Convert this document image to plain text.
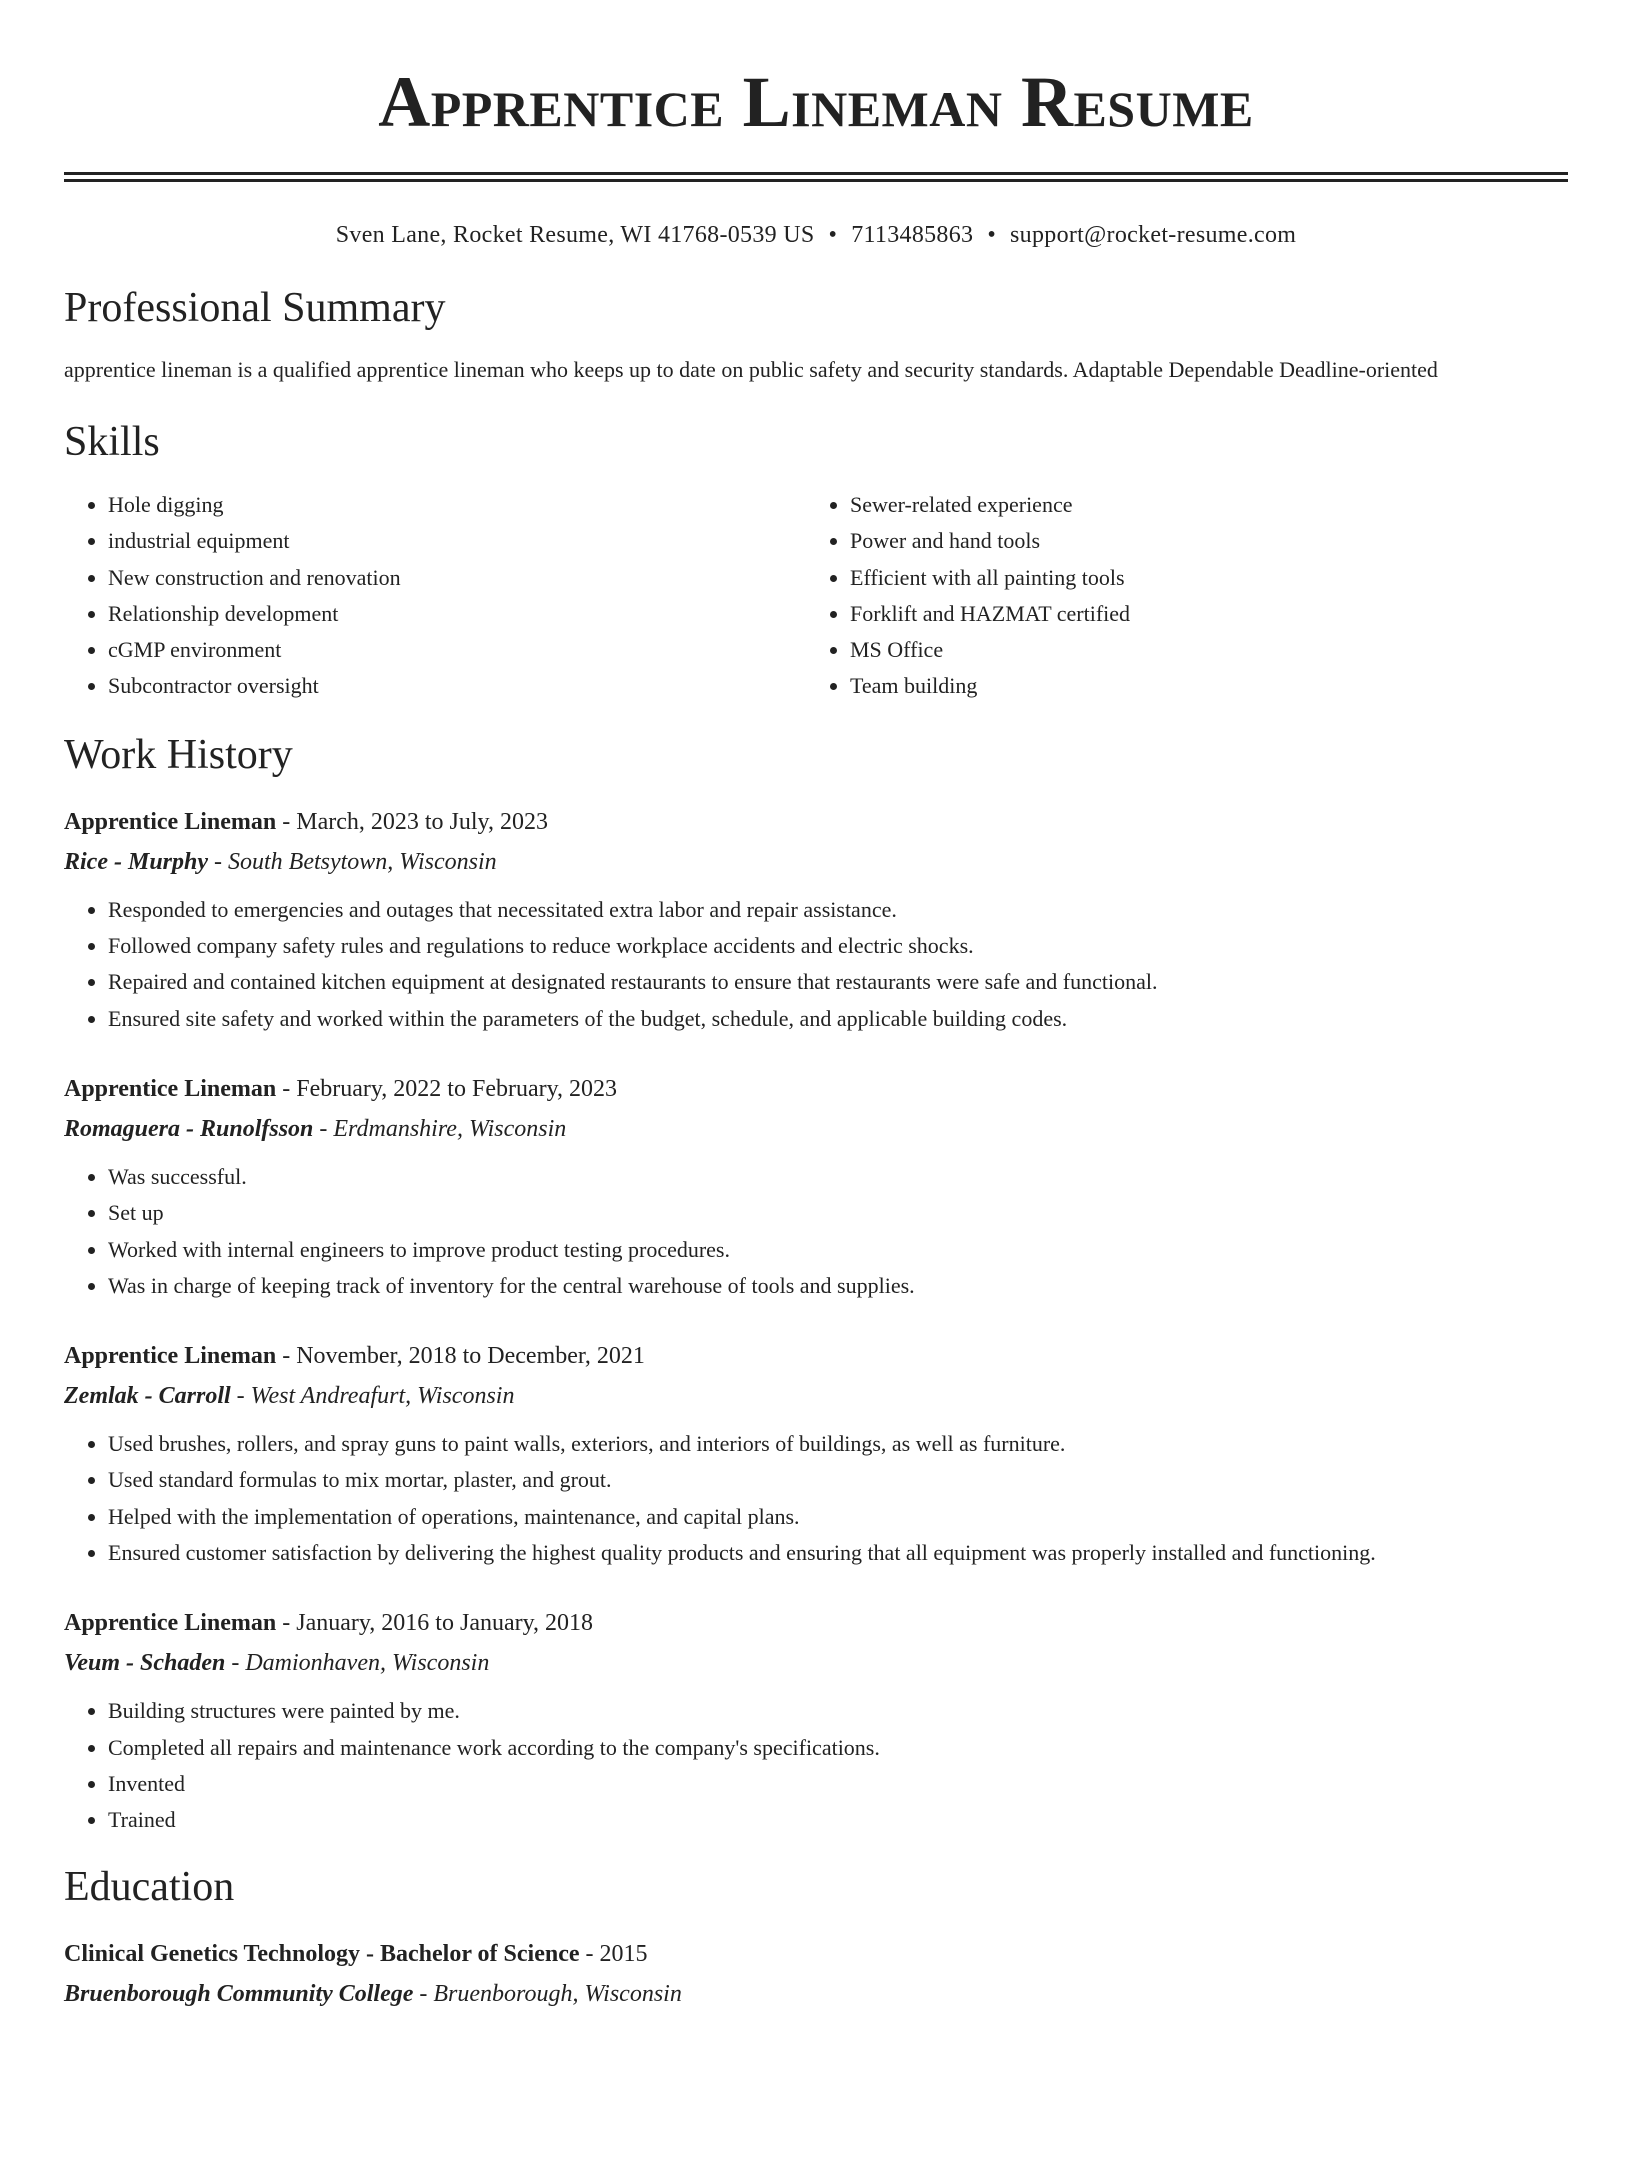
Apprentice Lineman Resume
Sven Lane, Rocket Resume, WI 41768-0539 US • 7113485863 • support@rocket-resume.com
Professional Summary
apprentice lineman is a qualified apprentice lineman who keeps up to date on public safety and security standards. Adaptable Dependable Deadline-oriented
Skills
• Hole digging
• industrial equipment
• New construction and renovation
• Relationship development
• cGMP environment
• Subcontractor oversight
• Sewer-related experience
• Power and hand tools
• Efficient with all painting tools
• Forklift and HAZMAT certified
• MS Office
• Team building
Work History
Apprentice Lineman - March, 2023 to July, 2023
Rice - Murphy - South Betsytown, Wisconsin
• Responded to emergencies and outages that necessitated extra labor and repair assistance.
• Followed company safety rules and regulations to reduce workplace accidents and electric shocks.
• Repaired and contained kitchen equipment at designated restaurants to ensure that restaurants were safe and functional.
• Ensured site safety and worked within the parameters of the budget, schedule, and applicable building codes.
Apprentice Lineman - February, 2022 to February, 2023
Romaguera - Runolfsson - Erdmanshire, Wisconsin
• Was successful.
• Set up
• Worked with internal engineers to improve product testing procedures.
• Was in charge of keeping track of inventory for the central warehouse of tools and supplies.
Apprentice Lineman - November, 2018 to December, 2021
Zemlak - Carroll - West Andreafurt, Wisconsin
• Used brushes, rollers, and spray guns to paint walls, exteriors, and interiors of buildings, as well as furniture.
• Used standard formulas to mix mortar, plaster, and grout.
• Helped with the implementation of operations, maintenance, and capital plans.
• Ensured customer satisfaction by delivering the highest quality products and ensuring that all equipment was properly installed and functioning.
Apprentice Lineman - January, 2016 to January, 2018
Veum - Schaden - Damionhaven, Wisconsin
• Building structures were painted by me.
• Completed all repairs and maintenance work according to the company's specifications.
• Invented
• Trained
Education
Clinical Genetics Technology - Bachelor of Science - 2015
Bruenborough Community College - Bruenborough, Wisconsin
